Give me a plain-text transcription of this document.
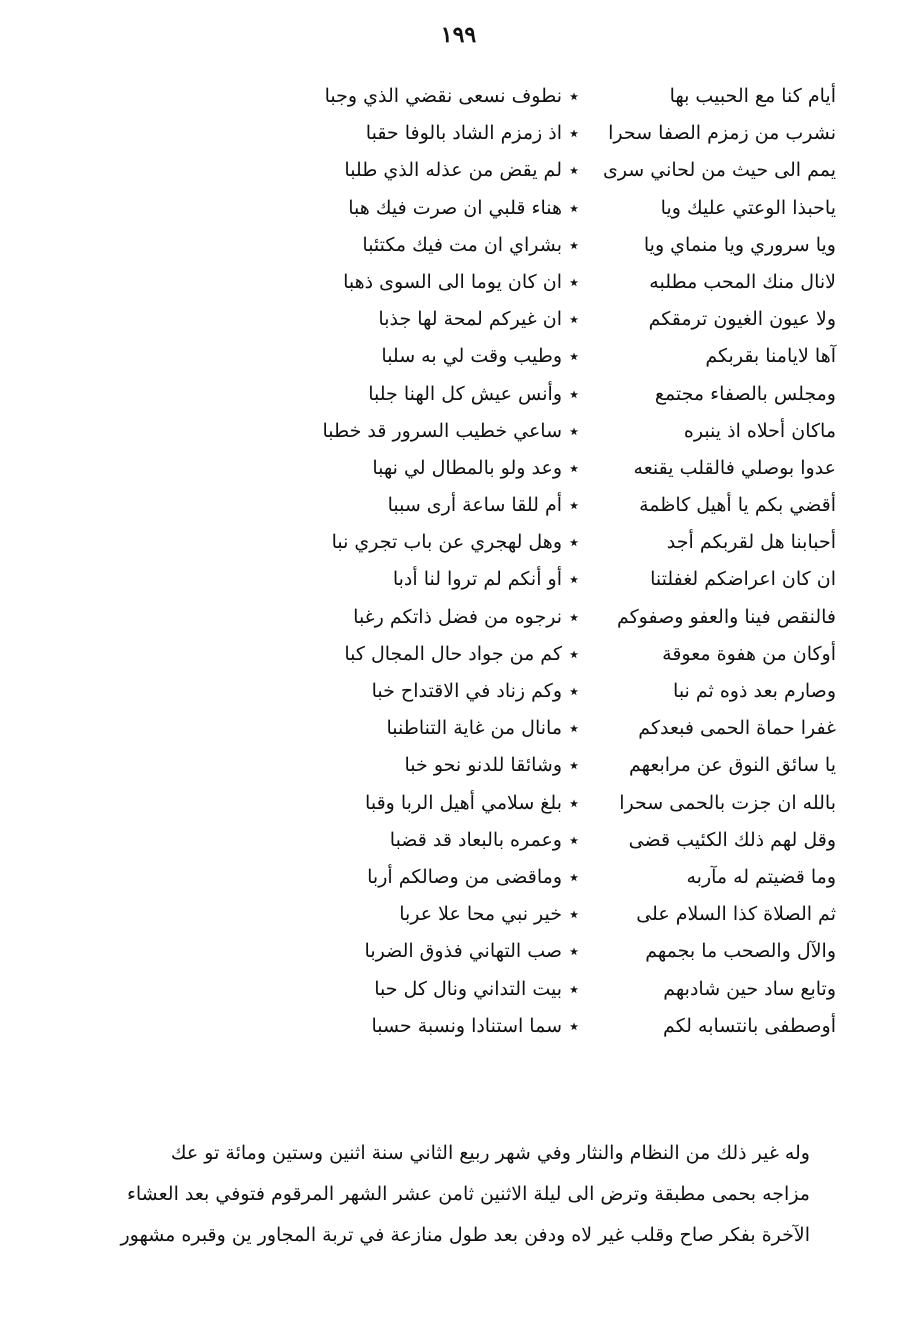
١٩٩
أيام كنا مع الحبيب بها
٭
نطوف نسعى نقضي الذي وجبا
نشرب من زمزم الصفا سحرا
٭
اذ زمزم الشاد بالوفا حقبا
يمم الى حيث من لحاني سرى
٭
لم يقض من عذله الذي طلبا
ياحبذا الوعتي عليك ويا
٭
هناء قلبي ان صرت فيك هبا
ويا سروري ويا منماي ويا
٭
بشراي ان مت فيك مكتئبا
لانال منك المحب مطلبه
٭
ان كان يوما الى السوى ذهبا
ولا عيون الغيون ترمقكم
٭
ان غيركم لمحة لها جذبا
آها لايامنا بقربكم
٭
وطيب وقت لي به سلبا
ومجلس بالصفاء مجتمع
٭
وأنس عيش كل الهنا جلبا
ماكان أحلاه اذ ينبره
٭
ساعي خطيب السرور قد خطبا
عدوا بوصلي فالقلب يقنعه
٭
وعد ولو بالمطال لي نهبا
أقضي بكم يا أهيل كاظمة
٭
أم للقا ساعة أرى سببا
أحبابنا هل لقربكم أجد
٭
وهل لهجري عن باب تجري نبا
ان كان اعراضكم لغفلتنا
٭
أو أنكم لم تروا لنا أدبا
فالنقص فينا والعفو وصفوكم
٭
نرجوه من فضل ذاتكم رغبا
أوكان من هفوة معوقة
٭
كم من جواد حال المجال كبا
وصارم بعد ذوه ثم نبا
٭
وكم زناد في الاقتداح خبا
غفرا حماة الحمى فبعدكم
٭
مانال من غاية التناطنبا
يا سائق النوق عن مرابعهم
٭
وشائقا للدنو نحو خبا
بالله ان جزت بالحمى سحرا
٭
بلغ سلامي أهيل الربا وقبا
وقل لهم ذلك الكئيب قضى
٭
وعمره بالبعاد قد قضبا
وما قضيتم له مآربه
٭
وماقضى من وصالكم أربا
ثم الصلاة كذا السلام على
٭
خير نبي محا علا عربا
والآل والصحب ما بجمهم
٭
صب التهاني فذوق الضربا
وتابع ساد حين شادبهم
٭
بيت التداني ونال كل حبا
أوصطفى بانتسابه لكم
٭
سما استنادا ونسبة حسبا
وله غير ذلك من النظام والنثار وفي شهر ربيع الثاني سنة اثنين وستين ومائة تو عك
مزاجه بحمى مطبقة وترض الى ليلة الاثنين ثامن عشر الشهر المرقوم فتوفي بعد العشاء
الآخرة بفكر صاح وقلب غير لاه ودفن بعد طول منازعة في تربة المجاور ين وقبره مشهور
